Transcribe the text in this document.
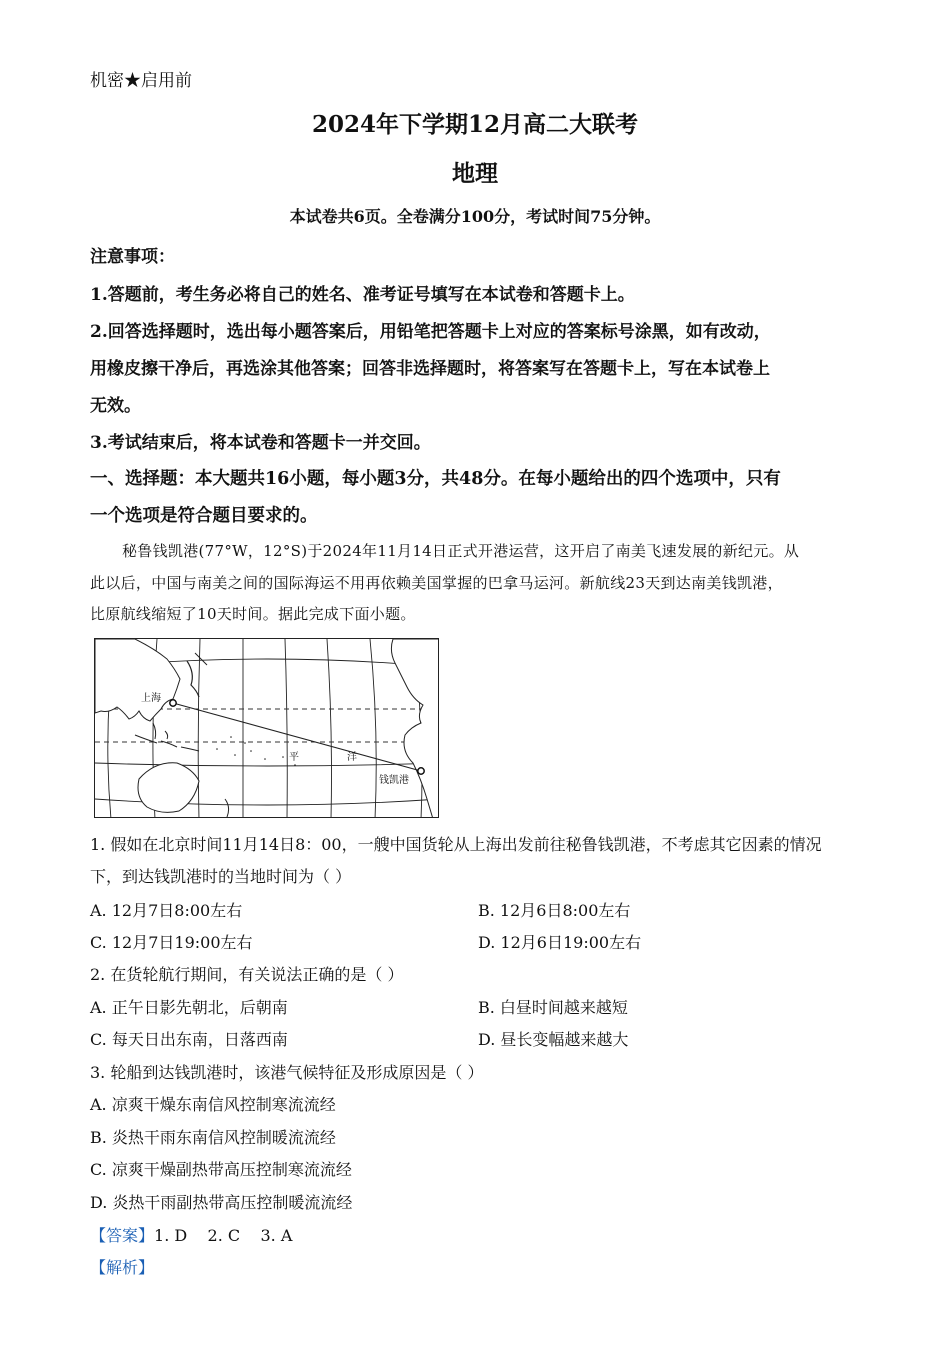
机密★启用前
2024年下学期12月高二大联考
地理
本试卷共6页。全卷满分100分，考试时间75分钟。
注意事项：
1.答题前，考生务必将自己的姓名、准考证号填写在本试卷和答题卡上。
2.回答选择题时，选出每小题答案后，用铅笔把答题卡上对应的答案标号涂黑，如有改动，
用橡皮擦干净后，再选涂其他答案；回答非选择题时，将答案写在答题卡上，写在本试卷上
无效。
3.考试结束后，将本试卷和答题卡一并交回。
一、选择题：本大题共16小题，每小题3分，共48分。在每小题给出的四个选项中，只有
一个选项是符合题目要求的。
秘鲁钱凯港(77°W，12°S)于2024年11月14日正式开港运营，这开启了南美飞速发展的新纪元。从
此以后，中国与南美之间的国际海运不用再依赖美国掌握的巴拿马运河。新航线23天到达南美钱凯港，
比原航线缩短了10天时间。据此完成下面小题。
上海
钱凯港
平	洋
1. 假如在北京时间11月14日8：00，一艘中国货轮从上海出发前往秘鲁钱凯港，不考虑其它因素的情况
下，到达钱凯港时的当地时间为（ ）
A. 12月7日8:00左右	B. 12月6日8:00左右
C. 12月7日19:00左右	D. 12月6日19:00左右
2. 在货轮航行期间，有关说法正确的是（ ）
A. 正午日影先朝北，后朝南	B. 白昼时间越来越短
C. 每天日出东南，日落西南	D. 昼长变幅越来越大
3. 轮船到达钱凯港时，该港气候特征及形成原因是（ ）
A. 凉爽干燥东南信风控制寒流流经
B. 炎热干雨东南信风控制暖流流经
C. 凉爽干燥副热带高压控制寒流流经
D. 炎热干雨副热带高压控制暖流流经
【答案】1. D    2. C    3. A
【解析】
